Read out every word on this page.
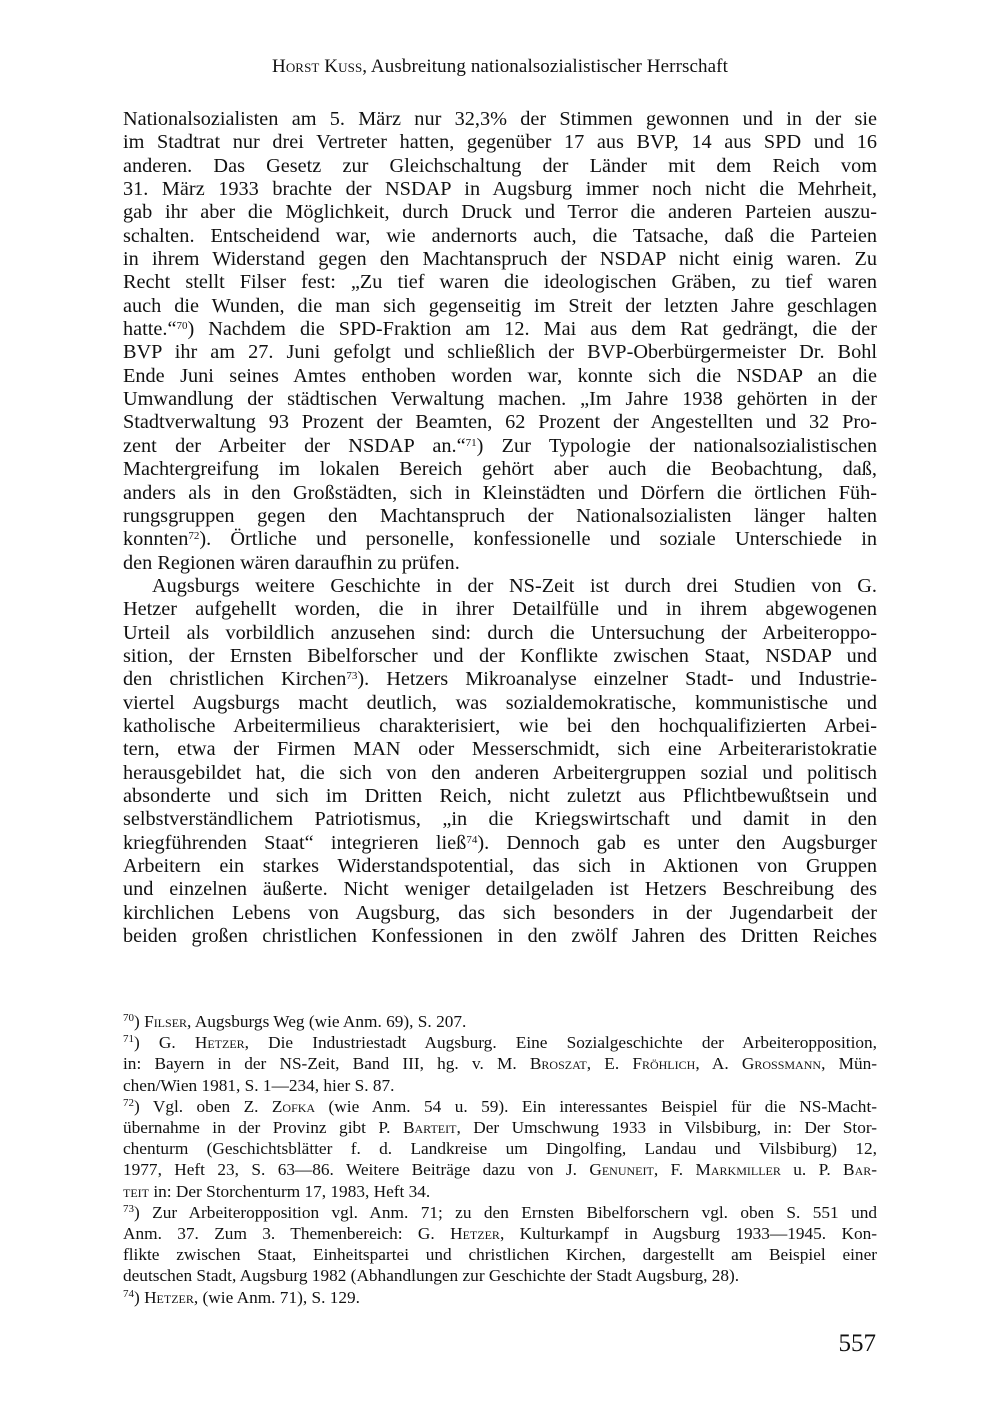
Horst Kuss, Ausbreitung nationalsozialistischer Herrschaft
Nationalsozialisten am 5. März nur 32,3% der Stimmen gewonnen und in der sie
im Stadtrat nur drei Vertreter hatten, gegenüber 17 aus BVP, 14 aus SPD und 16
anderen. Das Gesetz zur Gleichschaltung der Länder mit dem Reich vom
31. März 1933 brachte der NSDAP in Augsburg immer noch nicht die Mehrheit,
gab ihr aber die Möglichkeit, durch Druck und Terror die anderen Parteien auszu-
schalten. Entscheidend war, wie andernorts auch, die Tatsache, daß die Parteien
in ihrem Widerstand gegen den Machtanspruch der NSDAP nicht einig waren. Zu
Recht stellt Filser fest: „Zu tief waren die ideologischen Gräben, zu tief waren
auch die Wunden, die man sich gegenseitig im Streit der letzten Jahre geschlagen
hatte.“$^{70}$) Nachdem die SPD-Fraktion am 12. Mai aus dem Rat gedrängt, die der
BVP ihr am 27. Juni gefolgt und schließlich der BVP-Oberbürgermeister Dr. Bohl
Ende Juni seines Amtes enthoben worden war, konnte sich die NSDAP an die
Umwandlung der städtischen Verwaltung machen. „Im Jahre 1938 gehörten in der
Stadtverwaltung 93 Prozent der Beamten, 62 Prozent der Angestellten und 32 Pro-
zent der Arbeiter der NSDAP an.“$^{71}$) Zur Typologie der nationalsozialistischen
Machtergreifung im lokalen Bereich gehört aber auch die Beobachtung, daß,
anders als in den Großstädten, sich in Kleinstädten und Dörfern die örtlichen Füh-
rungsgruppen gegen den Machtanspruch der Nationalsozialisten länger halten
konnten$^{72}$). Örtliche und personelle, konfessionelle und soziale Unterschiede in
den Regionen wären daraufhin zu prüfen.
Augsburgs weitere Geschichte in der NS-Zeit ist durch drei Studien von G.
Hetzer aufgehellt worden, die in ihrer Detailfülle und in ihrem abgewogenen
Urteil als vorbildlich anzusehen sind: durch die Untersuchung der Arbeiteroppo-
sition, der Ernsten Bibelforscher und der Konflikte zwischen Staat, NSDAP und
den christlichen Kirchen$^{73}$). Hetzers Mikroanalyse einzelner Stadt- und Industrie-
viertel Augsburgs macht deutlich, was sozialdemokratische, kommunistische und
katholische Arbeitermilieus charakterisiert, wie bei den hochqualifizierten Arbei-
tern, etwa der Firmen MAN oder Messerschmidt, sich eine Arbeiteraristokratie
herausgebildet hat, die sich von den anderen Arbeitergruppen sozial und politisch
absonderte und sich im Dritten Reich, nicht zuletzt aus Pflichtbewußtsein und
selbstverständlichem Patriotismus, „in die Kriegswirtschaft und damit in den
kriegführenden Staat“ integrieren ließ$^{74}$). Dennoch gab es unter den Augsburger
Arbeitern ein starkes Widerstandspotential, das sich in Aktionen von Gruppen
und einzelnen äußerte. Nicht weniger detailgeladen ist Hetzers Beschreibung des
kirchlichen Lebens von Augsburg, das sich besonders in der Jugendarbeit der
beiden großen christlichen Konfessionen in den zwölf Jahren des Dritten Reiches
$^{70}$) Filser, Augsburgs Weg (wie Anm. 69), S. 207.
$^{71}$) G. Hetzer, Die Industriestadt Augsburg. Eine Sozialgeschichte der Arbeiteropposition,
in: Bayern in der NS-Zeit, Band III, hg. v. M. Broszat, E. Fröhlich, A. Grossmann, Mün-
chen/Wien 1981, S. 1—234, hier S. 87.
$^{72}$) Vgl. oben Z. Zofka (wie Anm. 54 u. 59). Ein interessantes Beispiel für die NS-Macht-
übernahme in der Provinz gibt P. Barteit, Der Umschwung 1933 in Vilsbiburg, in: Der Stor-
chenturm (Geschichtsblätter f. d. Landkreise um Dingolfing, Landau und Vilsbiburg) 12,
1977, Heft 23, S. 63—86. Weitere Beiträge dazu von J. Genuneit, F. Markmiller u. P. Bar-
teit in: Der Storchenturm 17, 1983, Heft 34.
$^{73}$) Zur Arbeiteropposition vgl. Anm. 71; zu den Ernsten Bibelforschern vgl. oben S. 551 und
Anm. 37. Zum 3. Themenbereich: G. Hetzer, Kulturkampf in Augsburg 1933—1945. Kon-
flikte zwischen Staat, Einheitspartei und christlichen Kirchen, dargestellt am Beispiel einer
deutschen Stadt, Augsburg 1982 (Abhandlungen zur Geschichte der Stadt Augsburg, 28).
$^{74}$) Hetzer, (wie Anm. 71), S. 129.
557
